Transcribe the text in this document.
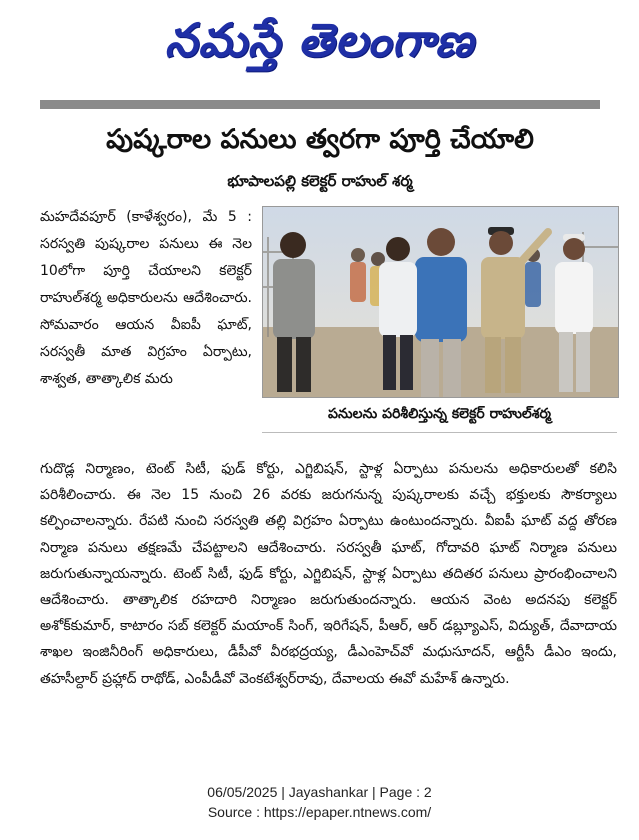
నమస్తే తెలంగాణ
పుష్కరాల పనులు త్వరగా పూర్తి చేయాలి
భూపాలపల్లి కలెక్టర్ రాహుల్ శర్మ

మహదేవపూర్ (కాళేశ్వరం), మే 5 : సరస్వతి పుష్కరాల పనులు ఈ నెల 10లోగా పూర్తి చేయాలని కలెక్టర్ రాహుల్‌శర్మ అధికారులను ఆదేశించారు. సోమవారం ఆయన వీఐపీ ఘాట్, సరస్వతీ మాత విగ్రహం ఏర్పాటు, శాశ్వత, తాత్కాలిక మరు

పనులను పరిశీలిస్తున్న కలెక్టర్ రాహుల్‌శర్మ

గుదొడ్ల నిర్మాణం, టెంట్ సిటీ, ఫుడ్ కోర్టు, ఎగ్జిబిషన్, స్టాళ్ల ఏర్పాటు పనులను అధికారులతో కలిసి పరిశీలించారు. ఈ నెల 15 నుంచి 26 వరకు జరుగనున్న పుష్కరాలకు వచ్చే భక్తులకు సౌకర్యాలు కల్పించాలన్నారు. రేపటి నుంచి సరస్వతి తల్లి విగ్రహం ఏర్పాటు ఉంటుందన్నారు. వీఐపీ ఘాట్ వద్ద తోరణ నిర్మాణ పనులు తక్షణమే చేపట్టాలని ఆదేశించారు. సరస్వతీ ఘాట్, గోదావరి ఘాట్ నిర్మాణ పనులు జరుగుతున్నాయన్నారు. టెంట్ సిటీ, ఫుడ్ కోర్టు, ఎగ్జిబిషన్, స్టాళ్ల ఏర్పాటు తదితర పనులు ప్రారంభించాలని ఆదేశించారు. తాత్కాలిక రహదారి నిర్మాణం జరుగుతుందన్నారు. ఆయన వెంట అదనపు కలెక్టర్ అశోక్‌కుమార్, కాటారం సబ్ కలెక్టర్ మయాంక్ సింగ్, ఇరిగేషన్, పీఆర్, ఆర్ డబ్ల్యూఎస్, విద్యుత్, దేవాదాయ శాఖల ఇంజినీరింగ్ అధికారులు, డీపీవో వీరభద్రయ్య, డీఎంహెచ్‌వో మధుసూదన్, ఆర్టీసీ డీఎం ఇందు, తహసీల్దార్ ప్రహ్లాద్ రాథోడ్, ఎంపీడీవో వెంకటేశ్వర్‌రావు, దేవాలయ ఈవో మహేశ్ ఉన్నారు.

06/05/2025 | Jayashankar | Page : 2
Source : https://epaper.ntnews.com/
